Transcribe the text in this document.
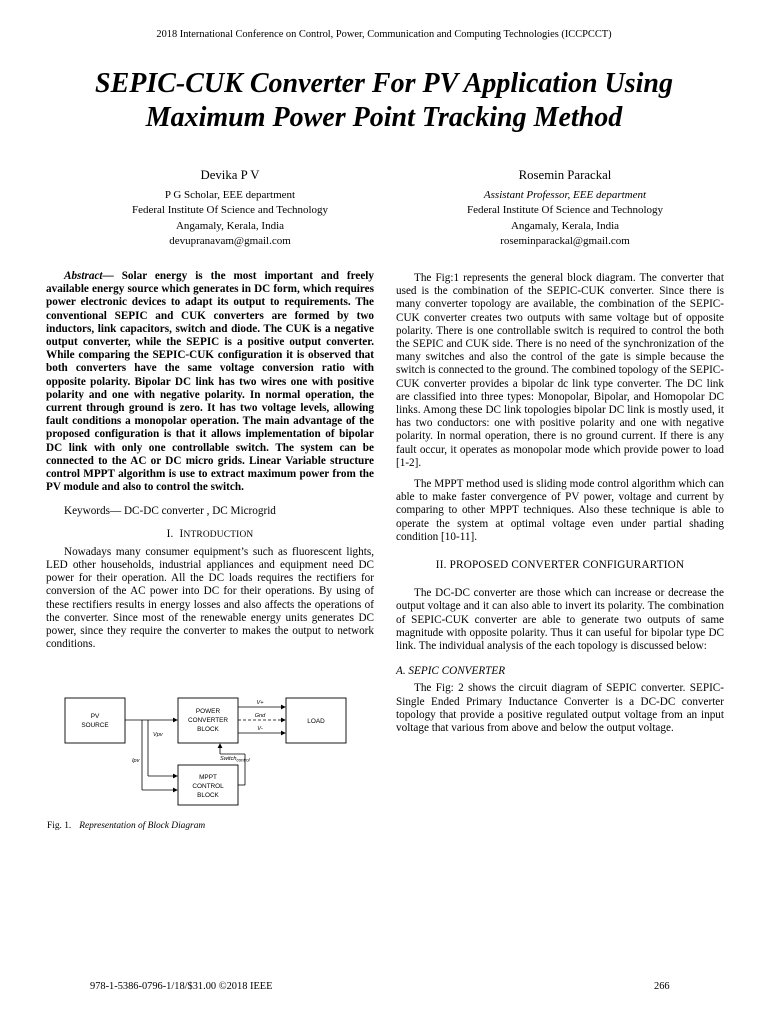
2018 International Conference on Control, Power, Communication and Computing Technologies (ICCPCCT)
SEPIC-CUK Converter For PV Application Using
Maximum Power Point Tracking Method
Devika P V
P G Scholar, EEE department
Federal Institute Of Science and Technology
Angamaly, Kerala, India
devupranavam@gmail.com
Rosemin Parackal
Assistant Professor, EEE department
Federal Institute Of Science and Technology
Angamaly, Kerala, India
roseminparackal@gmail.com

Abstract— Solar energy is the most important and freely available energy source which generates in DC form, which requires power electronic devices to adapt its output to requirements. The conventional SEPIC and CUK converters are formed by two inductors, link capacitors, switch and diode. The CUK is a negative output converter, while the SEPIC is a positive output converter. While comparing the SEPIC-CUK configuration it is observed that both converters have the same voltage conversion ratio with opposite polarity. Bipolar DC link has two wires one with positive polarity and one with negative polarity. In normal operation, the current through ground is zero. It has two voltage levels, allowing fault conditions a monopolar operation. The main advantage of the proposed configuration is that it allows implementation of bipolar DC link with only one controllable switch. The system can be connected to the AC or DC micro grids. Linear Variable structure control MPPT algorithm is use to extract maximum power from the PV module and also to control the switch.

Keywords— DC-DC converter , DC Microgrid

I. INTRODUCTION

Nowadays many consumer equipment’s such as fluorescent lights, LED other households, industrial appliances and equipment need DC power for their operation. All the DC loads requires the rectifiers for conversion of the AC power into DC for their operations. By using of these rectifiers results in energy losses and also affects the operations of the converter. Since most of the renewable energy units generates DC power, since they require the converter to makes the output to network conditions.

PV
SOURCE
POWER
CONVERTER
BLOCK
LOAD
MPPT
CONTROL
BLOCK
V+
Gnd
V-
Vpv
Ipv	Switch$_{control}$
Fig. 1. Representation of Block Diagram

The Fig:1 represents the general block diagram. The converter that used is the combination of the SEPIC-CUK converter. Since there is many converter topology are available, the combination of the SEPIC-CUK converter creates two outputs with same voltage but of opposite polarity. There is one controllable switch is required to control the both the SEPIC and CUK side. There is no need of the synchronization of the many switches and also the control of the gate is simple because the switch is connected to the ground. The combined topology of the SEPIC-CUK converter provides a bipolar dc link type converter. The DC link are classified into three types: Monopolar, Bipolar, and Homopolar DC links. Among these DC link topologies bipolar DC link is mostly used, it has two conductors: one with positive polarity and one with negative polarity. In normal operation, there is no ground current. If there is any fault occur, it operates as monopolar mode which provide power to load [1-2].

The MPPT method used is sliding mode control algorithm which can able to make faster convergence of PV power, voltage and current by comparing to other MPPT techniques. Also these technique is able to operate the system at optimal voltage even under partial shading condition [10-11].

II. PROPOSED CONVERTER CONFIGURARTION

The DC-DC converter are those which can increase or decrease the output voltage and it can also able to invert its polarity. The combination of SEPIC-CUK converter are able to generate two outputs of same magnitude with opposite polarity. Thus it can useful for bipolar type DC link. The individual analysis of the each topology is discussed below:

A. SEPIC CONVERTER

The Fig: 2 shows the circuit diagram of SEPIC converter. SEPIC-Single Ended Primary Inductance Converter is a DC-DC converter topology that provide a positive regulated output voltage from an input voltage that various from above and below the output voltage.

978-1-5386-0796-1/18/$31.00 ©2018 IEEE	266
